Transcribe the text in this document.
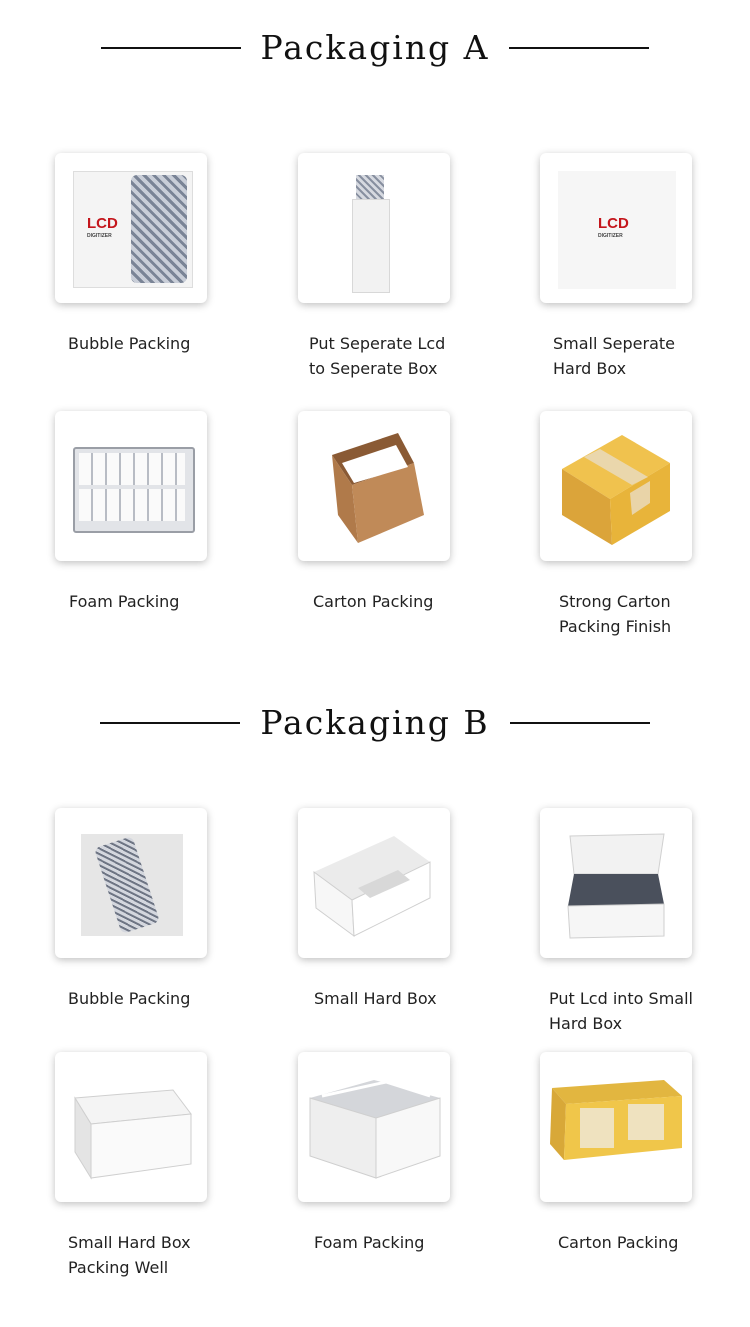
Packaging A
LCD
DIGITIZER
Bubble Packing	Put Seperate Lcd
to Seperate Box
LCD
DIGITIZER
Small Seperate
Hard Box
Foam Packing	Carton Packing	Strong Carton
Packing Finish
Packaging B
Bubble Packing	Small Hard Box	Put Lcd into Small
Hard Box
Small Hard Box
Packing Well
Foam Packing	Carton Packing
